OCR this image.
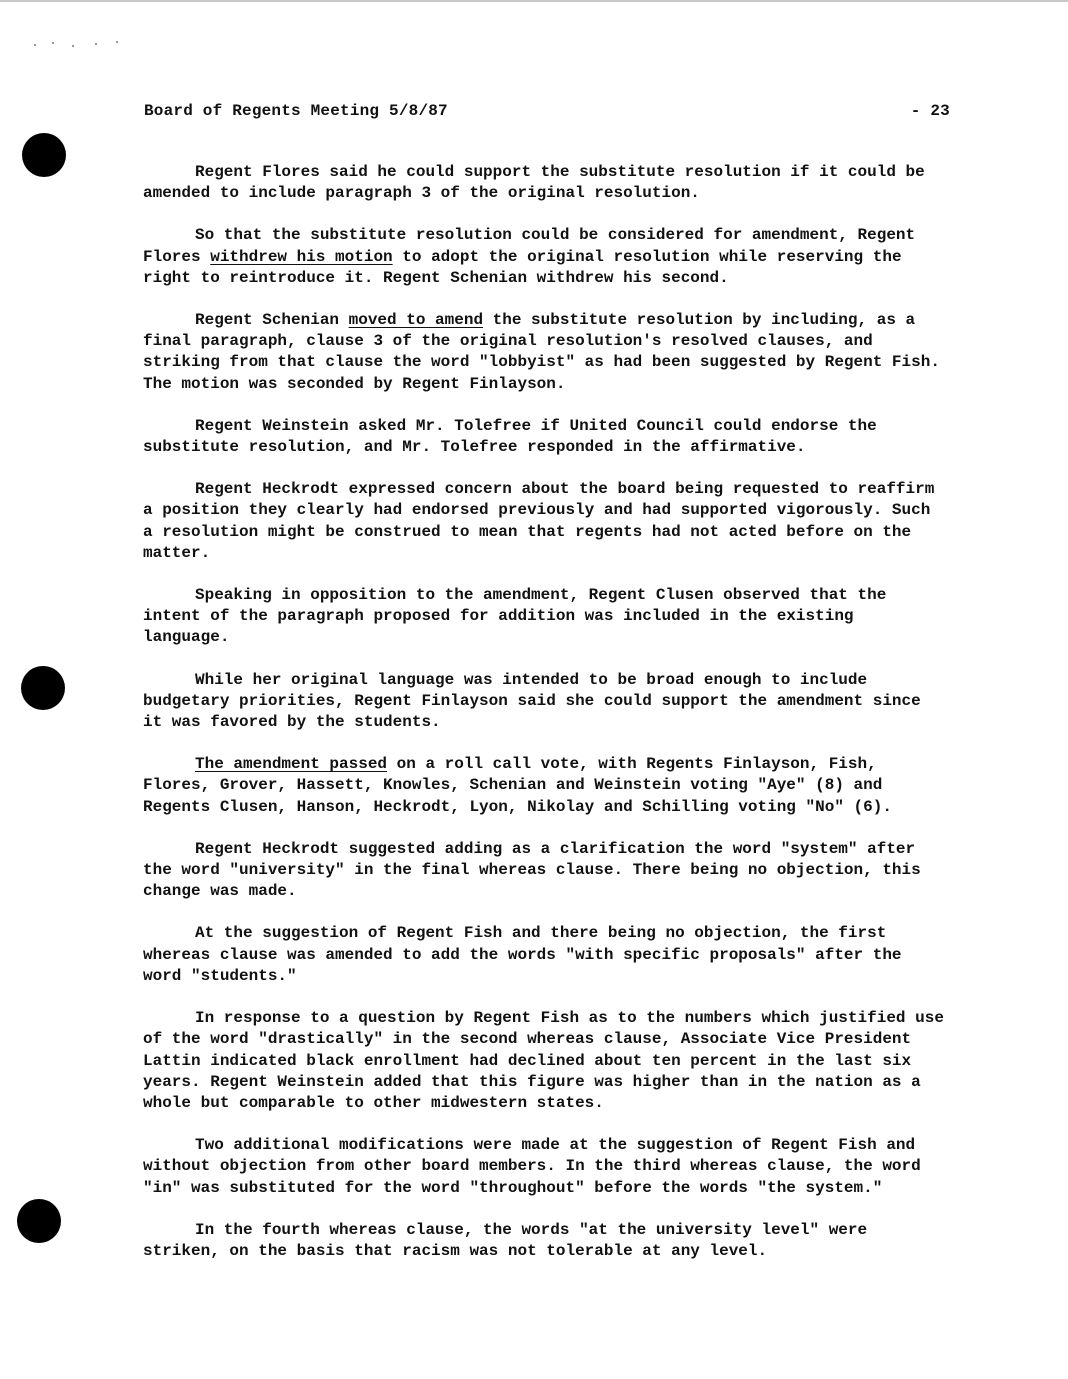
Board of Regents Meeting 5/8/87	- 23

Regent Flores said he could support the substitute resolution if it could be amended to include paragraph 3 of the original resolution.

So that the substitute resolution could be considered for amendment, Regent Flores withdrew his motion to adopt the original resolution while reserving the right to reintroduce it. Regent Schenian withdrew his second.

Regent Schenian moved to amend the substitute resolution by including, as a final paragraph, clause 3 of the original resolution's resolved clauses, and striking from that clause the word "lobbyist" as had been suggested by Regent Fish. The motion was seconded by Regent Finlayson.

Regent Weinstein asked Mr. Tolefree if United Council could endorse the substitute resolution, and Mr. Tolefree responded in the affirmative.

Regent Heckrodt expressed concern about the board being requested to reaffirm a position they clearly had endorsed previously and had supported vigorously. Such a resolution might be construed to mean that regents had not acted before on the matter.

Speaking in opposition to the amendment, Regent Clusen observed that the intent of the paragraph proposed for addition was included in the existing language.

While her original language was intended to be broad enough to include budgetary priorities, Regent Finlayson said she could support the amendment since it was favored by the students.

The amendment passed on a roll call vote, with Regents Finlayson, Fish, Flores, Grover, Hassett, Knowles, Schenian and Weinstein voting "Aye" (8) and Regents Clusen, Hanson, Heckrodt, Lyon, Nikolay and Schilling voting "No" (6).

Regent Heckrodt suggested adding as a clarification the word "system" after the word "university" in the final whereas clause. There being no objection, this change was made.

At the suggestion of Regent Fish and there being no objection, the first whereas clause was amended to add the words "with specific proposals" after the word "students."

In response to a question by Regent Fish as to the numbers which justified use of the word "drastically" in the second whereas clause, Associate Vice President Lattin indicated black enrollment had declined about ten percent in the last six years. Regent Weinstein added that this figure was higher than in the nation as a whole but comparable to other midwestern states.

Two additional modifications were made at the suggestion of Regent Fish and without objection from other board members. In the third whereas clause, the word "in" was substituted for the word "throughout" before the words "the system."

In the fourth whereas clause, the words "at the university level" were striken, on the basis that racism was not tolerable at any level.
